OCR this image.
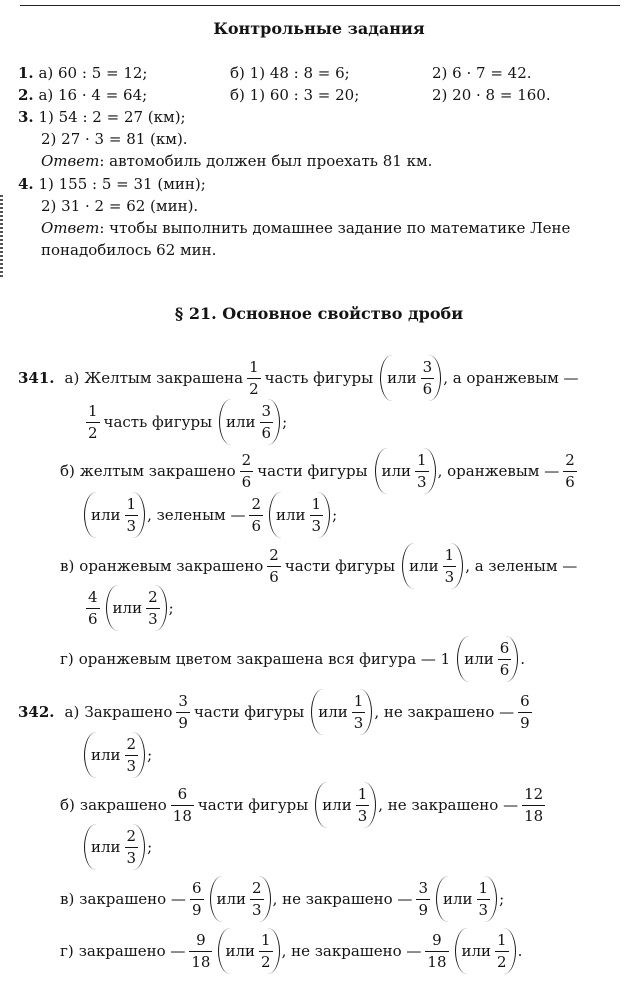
Контрольные задания
1. а) 60 : 5 = 12;	б) 1) 48 : 8 = 6;	2) 6 · 7 = 42.
2. а) 16 · 4 = 64;	б) 1) 60 : 3 = 20;	2) 20 · 8 = 160.
3. 1) 54 : 2 = 27 (км);
2) 27 · 3 = 81 (км).
Ответ: автомобиль должен был проехать 81 км.
4. 1) 155 : 5 = 31 (мин);
2) 31 · 2 = 62 (мин).
Ответ: чтобы выполнить домашнее задание по математике Лене
понадобилось 62 мин.
§ 21. Основное свойство дроби
341. а) Желтым закрашена $\frac{1}{2}$ часть фигуры или $\frac{3}{6}$ , а оранжевым —
$\frac{1}{2}$ часть фигуры или $\frac{3}{6}$ ;
б) желтым закрашено $\frac{2}{6}$ части фигуры или $\frac{1}{3}$ , оранжевым — $\frac{2}{6}$
или $\frac{1}{3}$ , зеленым — $\frac{2}{6}$ или $\frac{1}{3}$ ;
в) оранжевым закрашено $\frac{2}{6}$ части фигуры или $\frac{1}{3}$ , а зеленым —
$\frac{4}{6}$ или $\frac{2}{3}$ ;
г) оранжевым цветом закрашена вся фигура — 1 или $\frac{6}{6}$ .
342. а) Закрашено $\frac{3}{9}$ части фигуры или $\frac{1}{3}$ , не закрашено — $\frac{6}{9}$
или $\frac{2}{3}$ ;
б) закрашено $\frac{6}{18}$ части фигуры или $\frac{1}{3}$ , не закрашено — $\frac{12}{18}$
или $\frac{2}{3}$ ;
в) закрашено — $\frac{6}{9}$ или $\frac{2}{3}$ , не закрашено — $\frac{3}{9}$ или $\frac{1}{3}$ ;
г) закрашено — $\frac{9}{18}$ или $\frac{1}{2}$ , не закрашено — $\frac{9}{18}$ или $\frac{1}{2}$ .
